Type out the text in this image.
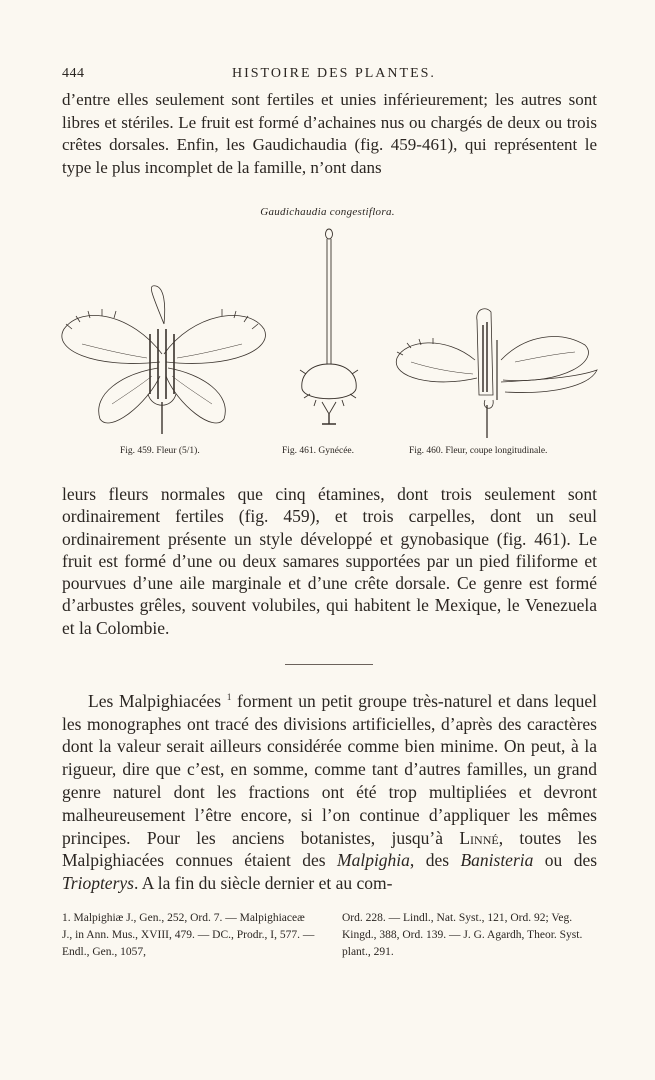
444	HISTOIRE DES PLANTES.

d’entre elles seulement sont fertiles et unies inférieurement; les autres sont libres et stériles. Le fruit est formé d’achaines nus ou chargés de deux ou trois crêtes dorsales. Enfin, les Gaudichaudia (fig. 459-461), qui représentent le type le plus incomplet de la famille, n’ont dans

Gaudichaudia congestiflora.
Fig. 459. Fleur (5/1).	Fig. 461. Gynécée.	Fig. 460. Fleur, coupe longitudinale.

leurs fleurs normales que cinq étamines, dont trois seulement sont ordinairement fertiles (fig. 459), et trois carpelles, dont un seul ordinairement présente un style développé et gynobasique (fig. 461). Le fruit est formé d’une ou deux samares supportées par un pied filiforme et pourvues d’une aile marginale et d’une crête dorsale. Ce genre est formé d’arbustes grêles, souvent volubiles, qui habitent le Mexique, le Venezuela et la Colombie.

Les Malpighiacées $^1$ forment un petit groupe très-naturel et dans lequel les monographes ont tracé des divisions artificielles, d’après des caractères dont la valeur serait ailleurs considérée comme bien minime. On peut, à la rigueur, dire que c’est, en somme, comme tant d’autres familles, un grand genre naturel dont les fractions ont été trop multipliées et devront malheureusement l’être encore, si l’on continue d’appliquer les mêmes principes. Pour les anciens botanistes, jusqu’à Linné, toutes les Malpighiacées connues étaient des Malpighia, des Banisteria ou des Triopterys. A la fin du siècle dernier et au com-

1. Malpighiæ J., Gen., 252, Ord. 7. — Malpighiaceæ J., in Ann. Mus., XVIII, 479. — DC., Prodr., I, 577. — Endl., Gen., 1057,

Ord. 228. — Lindl., Nat. Syst., 121, Ord. 92; Veg. Kingd., 388, Ord. 139. — J. G. Agardh, Theor. Syst. plant., 291.
